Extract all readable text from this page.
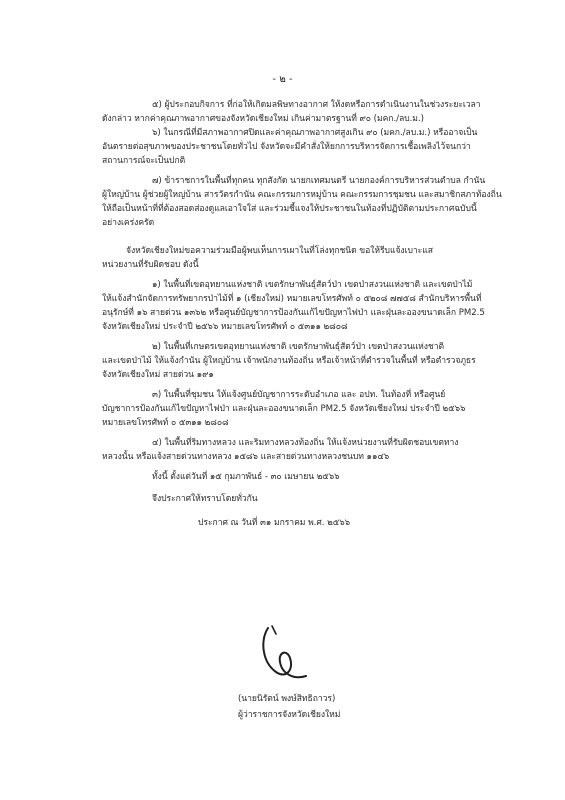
- ๒ -
๕) ผู้ประกอบกิจการ ที่ก่อให้เกิดมลพิษทางอากาศ ให้งดหรือการดำเนินงานในช่วงระยะเวลา
ดังกล่าว หากค่าคุณภาพอากาศของจังหวัดเชียงใหม่ เกินค่ามาตรฐานที่ ๙๐ (มคก./ลบ.ม.)
๖) ในกรณีที่มีสภาพอากาศปิดและค่าคุณภาพอากาศสูงเกิน ๙๐ (มคก./ลบ.ม.) หรืออาจเป็น
อันตรายต่อสุขภาพของประชาชนโดยทั่วไป จังหวัดจะมีคำสั่งให้ยกการบริหารจัดการเชื้อเพลิงไว้จนกว่า
สถานการณ์จะเป็นปกติ
๗) ข้าราชการในพื้นที่ทุกคน ทุกสังกัด นายกเทศมนตรี นายกองค์การบริหารส่วนตำบล กำนัน
ผู้ใหญ่บ้าน ผู้ช่วยผู้ใหญ่บ้าน สารวัตรกำนัน คณะกรรมการหมู่บ้าน คณะกรรมการชุมชน และสมาชิกสภาท้องถิ่น
ให้ถือเป็นหน้าที่ที่ต้องสอดส่องดูแลเอาใจใส่ และร่วมชี้แจงให้ประชาชนในท้องที่ปฏิบัติตามประกาศฉบับนี้
อย่างเคร่งครัด
จังหวัดเชียงใหม่ขอความร่วมมือผู้พบเห็นการเผาในที่โล่งทุกชนิด ขอให้รีบแจ้งเบาะแส
หน่วยงานที่รับผิดชอบ ดังนี้
๑) ในพื้นที่เขตอุทยานแห่งชาติ เขตรักษาพันธุ์สัตว์ป่า เขตป่าสงวนแห่งชาติ และเขตป่าไม้
ให้แจ้งสำนักจัดการทรัพยากรป่าไม้ที่ ๑ (เชียงใหม่) หมายเลขโทรศัพท์ ๐ ๕๒๐๘ ๗๗๕๘ สำนักบริหารพื้นที่
อนุรักษ์ที่ ๑๖ สายด่วน ๑๓๖๒ หรือศูนย์บัญชาการป้องกันแก้ไขปัญหาไฟป่า และฝุ่นละอองขนาดเล็ก PM2.5
จังหวัดเชียงใหม่ ประจำปี ๒๕๖๖ หมายเลขโทรศัพท์ ๐ ๕๓๑๑ ๒๘๐๘
๒) ในพื้นที่เกษตรเขตอุทยานแห่งชาติ เขตรักษาพันธุ์สัตว์ป่า เขตป่าสงวนแห่งชาติ
และเขตป่าไม้ ให้แจ้งกำนัน ผู้ใหญ่บ้าน เจ้าพนักงานท้องถิ่น หรือเจ้าหน้าที่ตำรวจในพื้นที่ หรือตำรวจภูธร
จังหวัดเชียงใหม่ สายด่วน ๑๙๑
๓) ในพื้นที่ชุมชน ให้แจ้งศูนย์บัญชาการระดับอำเภอ และ อปท. ในท้องที่ หรือศูนย์
บัญชาการป้องกันแก้ไขปัญหาไฟป่า และฝุ่นละอองขนาดเล็ก PM2.5 จังหวัดเชียงใหม่ ประจำปี ๒๕๖๖
หมายเลขโทรศัพท์ ๐ ๕๓๑๑ ๒๘๐๘
๔) ในพื้นที่ริมทางหลวง และริมทางหลวงท้องถิ่น ให้แจ้งหน่วยงานที่รับผิดชอบเขตทาง
หลวงนั้น หรือแจ้งสายด่วนทางหลวง ๑๕๘๖ และสายด่วนทางหลวงชนบท ๑๑๔๖
ทั้งนี้ ตั้งแต่วันที่ ๑๕ กุมภาพันธ์ - ๓๐ เมษายน ๒๕๖๖
จึงประกาศให้ทราบโดยทั่วกัน
ประกาศ ณ วันที่ ๓๑ มกราคม พ.ศ. ๒๕๖๖
(นายนิรัตน์ พงษ์สิทธิถาวร)
ผู้ว่าราชการจังหวัดเชียงใหม่
